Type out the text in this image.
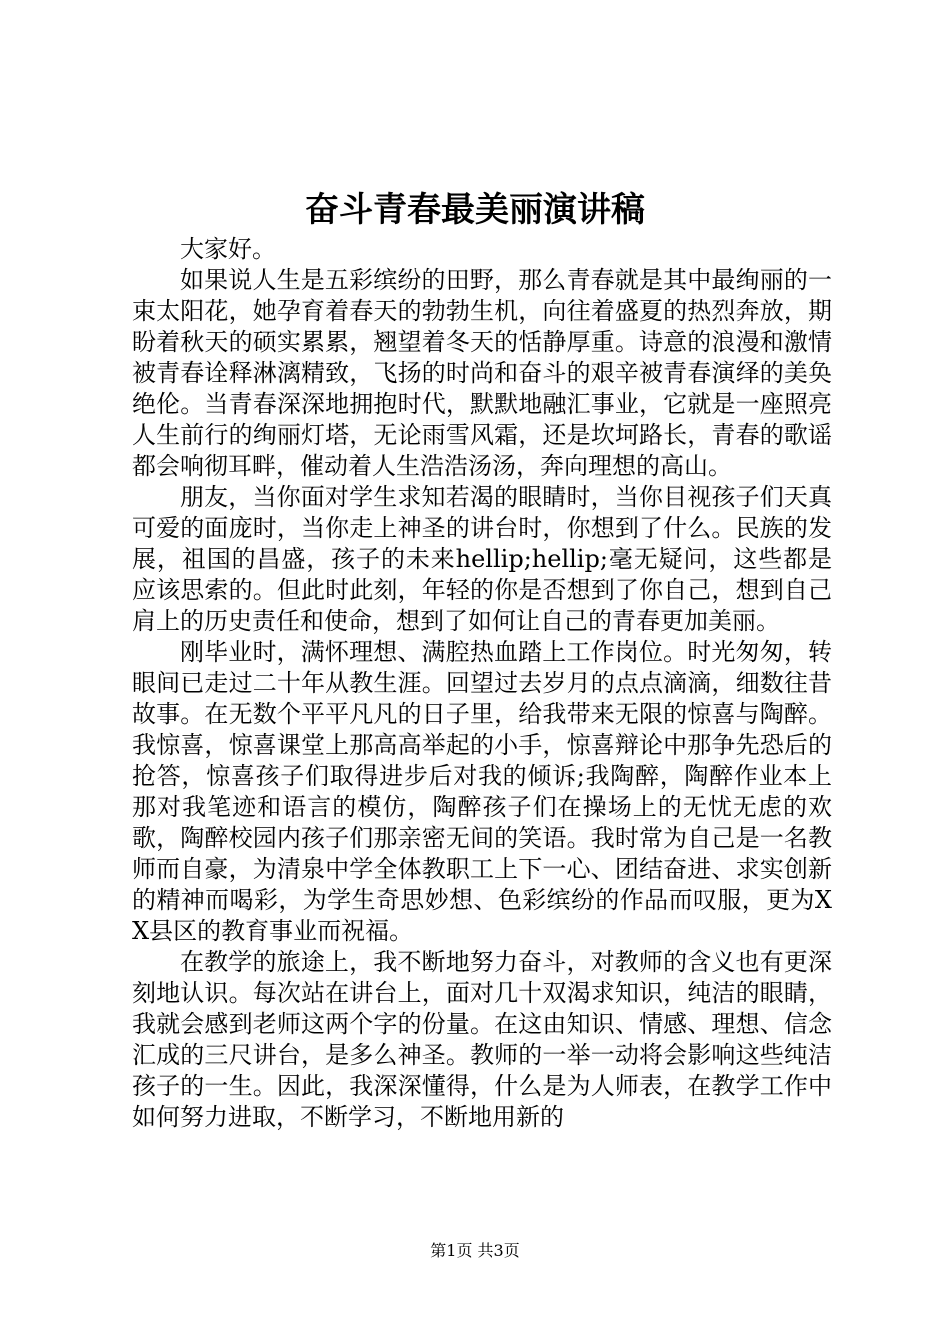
奋斗青春最美丽演讲稿

大家好。

如果说人生是五彩缤纷的田野，那么青春就是其中最绚丽的一束太阳花，她孕育着春天的勃勃生机，向往着盛夏的热烈奔放，期盼着秋天的硕实累累，翘望着冬天的恬静厚重。诗意的浪漫和激情被青春诠释淋漓精致，飞扬的时尚和奋斗的艰辛被青春演绎的美奂绝伦。当青春深深地拥抱时代，默默地融汇事业，它就是一座照亮人生前行的绚丽灯塔，无论雨雪风霜，还是坎坷路长，青春的歌谣都会响彻耳畔，催动着人生浩浩汤汤，奔向理想的高山。

朋友，当你面对学生求知若渴的眼睛时，当你目视孩子们天真可爱的面庞时，当你走上神圣的讲台时，你想到了什么。民族的发展，祖国的昌盛，孩子的未来hellip;hellip;毫无疑问，这些都是应该思索的。但此时此刻，年轻的你是否想到了你自己，想到自己肩上的历史责任和使命，想到了如何让自己的青春更加美丽。

刚毕业时，满怀理想、满腔热血踏上工作岗位。时光匆匆，转眼间已走过二十年从教生涯。回望过去岁月的点点滴滴，细数往昔故事。在无数个平平凡凡的日子里，给我带来无限的惊喜与陶醉。我惊喜，惊喜课堂上那高高举起的小手，惊喜辩论中那争先恐后的抢答，惊喜孩子们取得进步后对我的倾诉;我陶醉，陶醉作业本上那对我笔迹和语言的模仿，陶醉孩子们在操场上的无忧无虑的欢歌，陶醉校园内孩子们那亲密无间的笑语。我时常为自己是一名教师而自豪，为清泉中学全体教职工上下一心、团结奋进、求实创新的精神而喝彩，为学生奇思妙想、色彩缤纷的作品而叹服，更为XX县区的教育事业而祝福。

在教学的旅途上，我不断地努力奋斗，对教师的含义也有更深刻地认识。每次站在讲台上，面对几十双渴求知识，纯洁的眼睛，我就会感到老师这两个字的份量。在这由知识、情感、理想、信念汇成的三尺讲台，是多么神圣。教师的一举一动将会影响这些纯洁孩子的一生。因此，我深深懂得，什么是为人师表，在教学工作中如何努力进取，不断学习，不断地用新的

第1页 共3页
